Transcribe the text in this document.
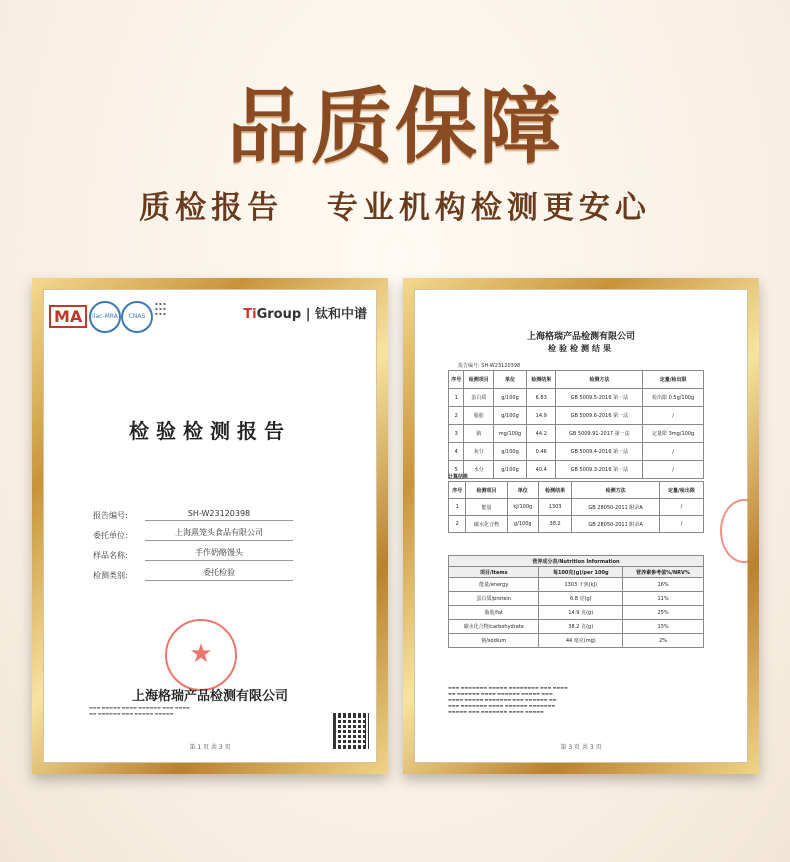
品质保障
质检报告 专业机构检测更安心
MA	ilac-MRA	CNAS
▪ ▪ ▪
▪ ▪ ▪
▪ ▪ ▪	TiGroup | 钛和中谱
检验检测报告
报告编号:	SH-W23120398
委托单位:	上海熹笼头食品有限公司
样品名称:	手作奶酪馒头
检测类别:	委托检验
★
上海格瑞产品检测有限公司
▬▬▬ ▬▬▬▬▬ ▬▬▬▬ ▬▬▬▬▬▬ ▬▬▬ ▬▬▬▬
▬▬ ▬▬▬▬▬▬ ▬▬▬ ▬▬▬▬▬ ▬▬▬▬▬
第 1 页 共 3 页
上海格瑞产品检测有限公司
检验检测结果
报告编号: SH-W23120398
序号	检测项目	单位	检测结果	检测方法	定量/检出限
1	蛋白质	g/100g	6.83	GB 5009.5-2016 第一法	检出限 0.5g/100g
2	脂肪	g/100g	14.9	GB 5009.6-2016 第一法	/
3	钠	mg/100g	44.2	GB 5009.91-2017 第一法	定量限 3mg/100g
4	灰分	g/100g	0.46	GB 5009.4-2016 第一法	/
5	水分	g/100g	40.4	GB 5009.3-2016 第一法	/
计算结果
序号	检测项目	单位	检测结果	检测方法	定量/检出限
1	能量	kJ/100g	1303	GB 28050-2011 附录A	/
2	碳水化合物	g/100g	38.2	GB 28050-2011 附录A	/
营养成分表/Nutrition Information		
项目/Items	每100克(g)/per 100g	营养素参考值%/NRV%
能量/energy	1303 千焦(kJ)	16%
蛋白质/protein	6.8 克(g)	11%
脂肪/fat	14.9 克(g)	25%
碳水化合物/carbohydrate	38.2 克(g)	13%
钠/sodium	44 毫克(mg)	2%
▬▬▬ ▬▬▬▬▬▬▬ ▬▬▬▬▬ ▬▬▬▬▬▬▬▬ ▬▬▬ ▬▬▬▬
▬▬ ▬▬▬▬▬▬ ▬▬▬▬ ▬▬▬▬▬▬ ▬▬▬▬▬ ▬▬▬
▬▬▬▬ ▬▬▬▬▬ ▬▬▬▬▬▬▬ ▬▬▬ ▬▬▬▬▬▬ ▬▬
▬▬▬ ▬▬▬▬▬▬▬ ▬▬▬▬ ▬▬▬▬▬▬ ▬▬▬▬▬▬▬
▬▬▬▬▬ ▬▬▬ ▬▬▬▬▬▬▬ ▬▬▬▬ ▬▬▬▬▬
第 3 页 共 3 页
